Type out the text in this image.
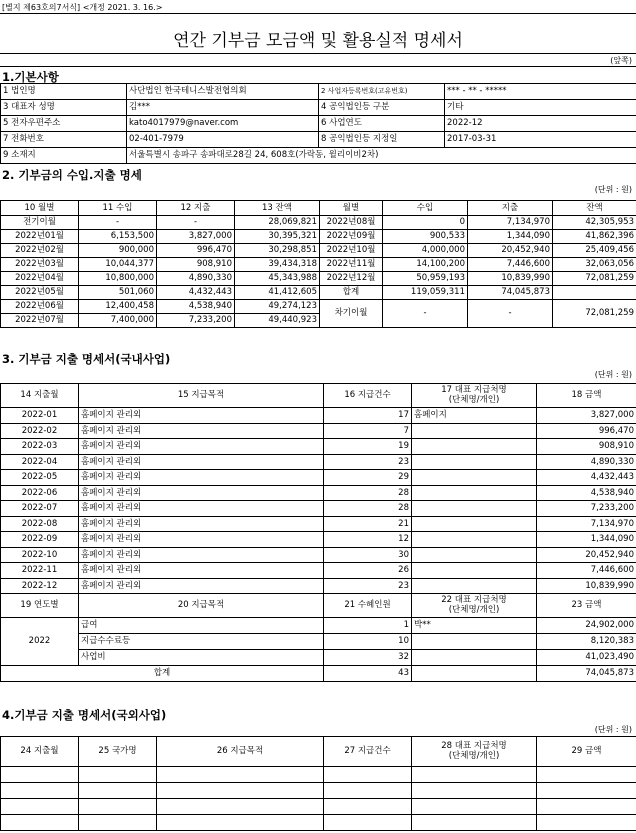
[별지 제63호의7서식] <개정 2021. 3. 16.>
연간 기부금 모금액 및 활용실적 명세서
(앞쪽)
1.기본사항
1 법인명	사단법인 한국테니스발전협의회	2 사업자등록번호(고유번호)	*** - ** - *****
3 대표자 성명	김***	4 공익법인등 구분	기타
5 전자우편주소	kato4017979@naver.com	6 사업연도	2022-12
7 전화번호	02-401-7979	8 공익법인등 지정일	2017-03-31
9 소재지	서울특별시 송파구 송파대로28길 24, 608호(가락동, 윌리이비2차)		
2. 기부금의 수입.지출 명세
(단위 : 원)
10 월별	11 수입	12 지출	13 잔액	월별	수입	지출	잔액
전기이월	-	-	28,069,821	2022년08월	0	7,134,970	42,305,953
2022년01월	6,153,500	3,827,000	30,395,321	2022년09월	900,533	1,344,090	41,862,396
2022년02월	900,000	996,470	30,298,851	2022년10월	4,000,000	20,452,940	25,409,456
2022년03월	10,044,377	908,910	39,434,318	2022년11월	14,100,200	7,446,600	32,063,056
2022년04월	10,800,000	4,890,330	45,343,988	2022년12월	50,959,193	10,839,990	72,081,259
2022년05월	501,060	4,432,443	41,412,605	합계	119,059,311	74,045,873	
2022년06월	12,400,458	4,538,940	49,274,123	차기이월	-	-	72,081,259
2022년07월	7,400,000	7,233,200	49,440,923				
3. 기부금 지출 명세서(국내사업)
(단위 : 원)
14 지출월	15 지급목적	16 지급건수	17 대표 지급처명
(단체명/개인)	18 금액
2022-01	홈페이지 관리외	17	홈페이지	3,827,000
2022-02	홈페이지 관리외	7		996,470
2022-03	홈페이지 관리외	19		908,910
2022-04	홈페이지 관리외	23		4,890,330
2022-05	홈페이지 관리외	29		4,432,443
2022-06	홈페이지 관리외	28		4,538,940
2022-07	홈페이지 관리외	28		7,233,200
2022-08	홈페이지 관리외	21		7,134,970
2022-09	홈페이지 관리외	12		1,344,090
2022-10	홈페이지 관리외	30		20,452,940
2022-11	홈페이지 관리외	26		7,446,600
2022-12	홈페이지 관리외	23		10,839,990
19 연도별	20 지급목적	21 수혜인원	22 대표 지급처명
(단체명/개인)	23 금액
2022	급여	1	박**	24,902,000
	지급수수료등	10		8,120,383
	사업비	32		41,023,490
합계		43		74,045,873
4.기부금 지출 명세서(국외사업)
(단위 : 원)
24 지출월	25 국가명	26 지급목적	27 지급건수	28 대표 지급처명
(단체명/개인)	29 금액
